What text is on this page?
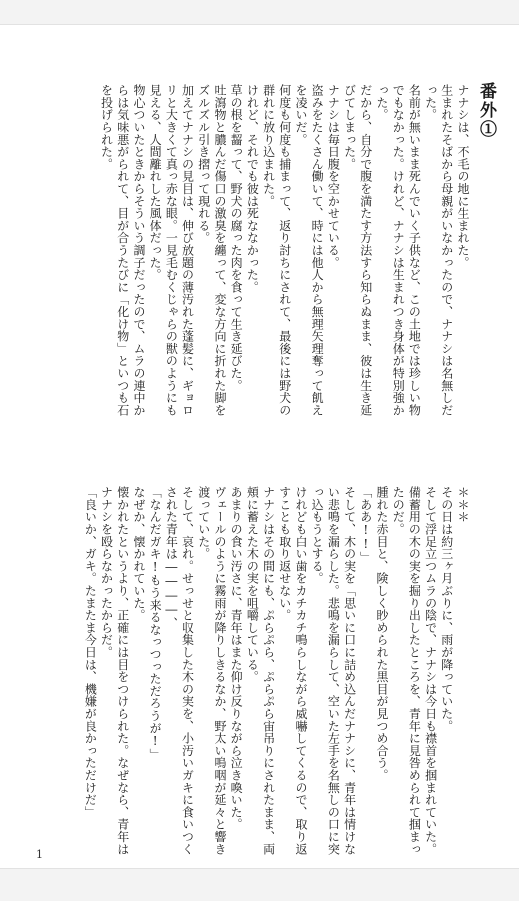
番外①
ナナシは、不毛の地に生まれた。
生まれたそばから母親がいなかったので、ナナシは名無しだった。
名前が無いまま死んでいく子供など、この土地では珍しい物でもなかった。けれど、ナナシは生まれつき身体が特別強かった。
だから、自分で腹を満たす方法すら知らぬまま、彼は生き延びてしまった。
ナナシは毎日腹を空かせている。
盗みをたくさん働いて、時には他人から無理矢理奪って飢えを凌いだ。
何度も何度も捕まって、返り討ちにされて、最後には野犬の群れに放り込まれた。
けれど、それでも彼は死ななかった。
草の根を齧って、野犬の腐った肉を食って生き延びた。
吐瀉物と膿んだ傷口の激臭を纏って、変な方向に折れた脚をズルズル引き摺って現れる。
加えてナナシの見目は、伸び放題の薄汚れた蓬髪に、ギョロリと大きくて真っ赤な眼。一見毛むくじゃらの獣のようにも見える、人間離れした風体だった。
物心ついたときからそういう調子だったので、ムラの連中からは気味悪がられて、目が合うたびに「化け物」といつも石を投げられた。
＊＊＊
その日は約三ヶ月ぶりに、雨が降っていた。
そして浮足立つムラの陰で、ナナシは今日も襟首を掴まれていた。
備蓄用の木の実を掘り出したところを、青年に見咎められて掴まったのだ。
腫れた赤目と、険しく眇められた黒目が見つめ合う。
「ああ!!」
そして、木の実を「思いに口に詰め込んだナナシに、青年は情けない悲鳴を漏らした。悲鳴を漏らして、空いた左手を名無しの口に突っ込もうとする。
けれども白い歯をカチカチ鳴らしながら威嚇してくるので、取り返すことも取り返せない。
ナナシはその間にも、ぷらぷら、ぷらぷら宙吊りにされたまま、両頬に蓄えた木の実を咀嚼している。
あまりの食い汚さに、青年はまた仰け反りながら泣き喚いた。
ヴェールのように霧雨が降りしきるなか、野太い嗚咽が延々と響き渡っていた。
そして、哀れ。せっせと収集した木の実を、小汚いガキに食いつくされた青年は――――、
「なんだガキ!もう来るなっつっただろうが!」
なぜか、懐かれていた。
懐かれたというより、正確には目をつけられた。なぜなら、青年はナナシを殴らなかったからだ。
「良いか、ガキ。たまたま今日は、機嫌が良かっただけだ」
1
